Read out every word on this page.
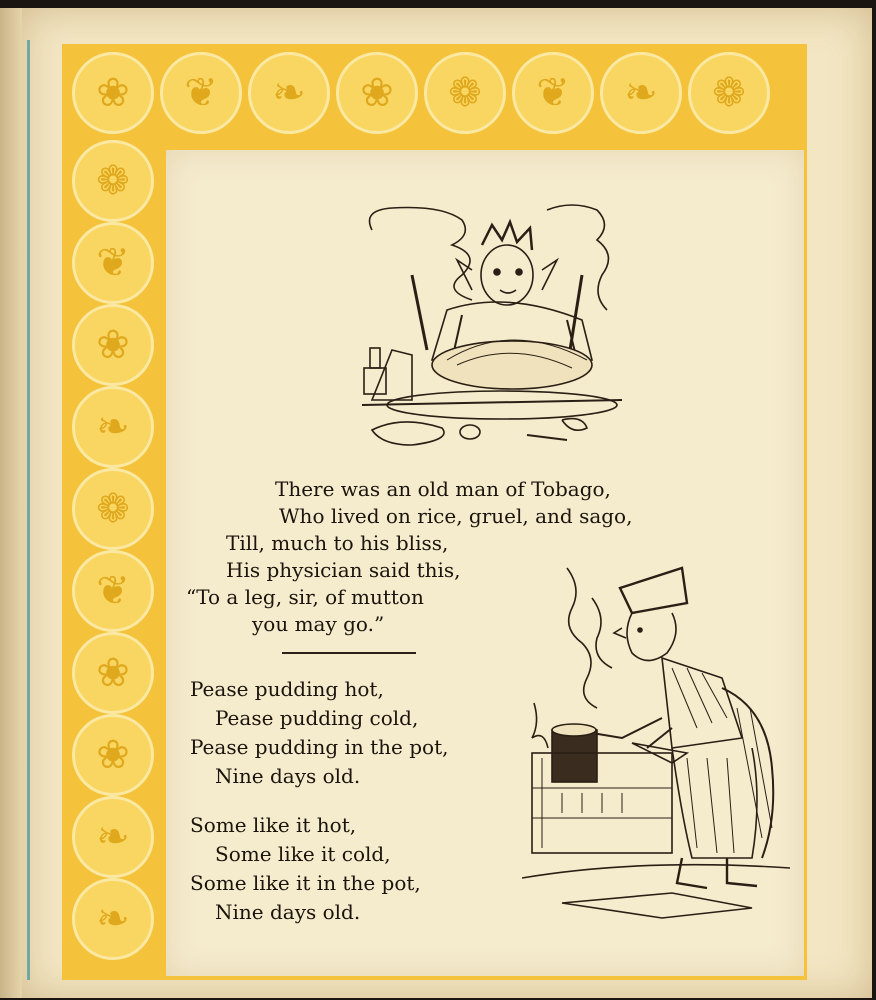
❀	❦	❧	❀	❁	❦	❧	❁
❁
❦
❀
❧
❁
❦
❀
❀
❧
❧

There was an old man of Tobago,

Who lived on rice, gruel, and sago,

Till, much to his bliss,

His physician said this,

“To a leg, sir, of mutton

you may go.”

Pease pudding hot,

Pease pudding cold,

Pease pudding in the pot,

Nine days old.

Some like it hot,

Some like it cold,

Some like it in the pot,

Nine days old.
